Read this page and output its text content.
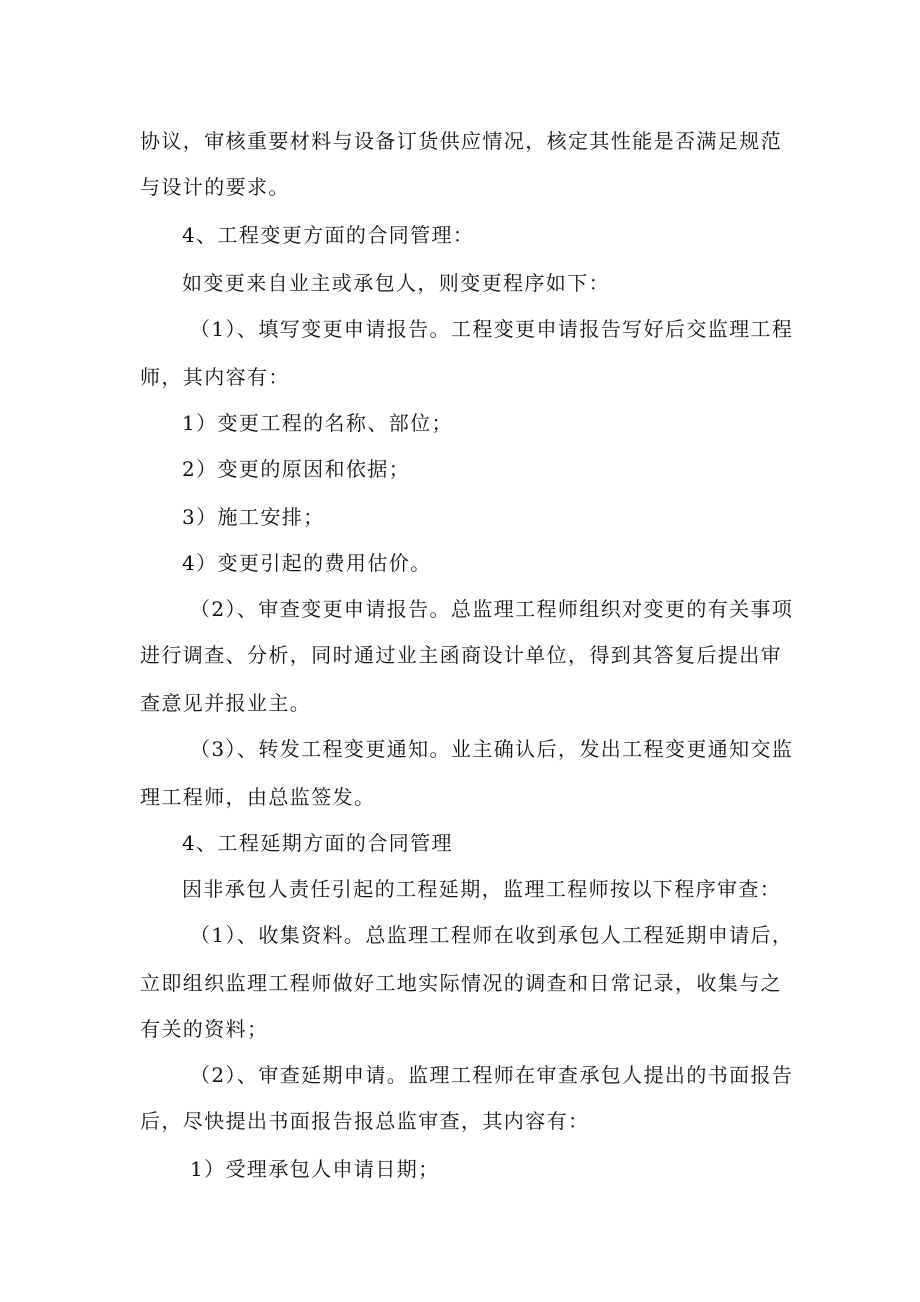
协议，审核重要材料与设备订货供应情况，核定其性能是否满足规范
与设计的要求。
4、工程变更方面的合同管理：
如变更来自业主或承包人，则变更程序如下：
（1）、填写变更申请报告。工程变更申请报告写好后交监理工程
师，其内容有：
1）变更工程的名称、部位；
2）变更的原因和依据；
3）施工安排；
4）变更引起的费用估价。
（2）、审查变更申请报告。总监理工程师组织对变更的有关事项
进行调查、分析，同时通过业主函商设计单位，得到其答复后提出审
查意见并报业主。
（3）、转发工程变更通知。业主确认后，发出工程变更通知交监
理工程师，由总监签发。
4、工程延期方面的合同管理
因非承包人责任引起的工程延期，监理工程师按以下程序审查：
（1）、收集资料。总监理工程师在收到承包人工程延期申请后，
立即组织监理工程师做好工地实际情况的调查和日常记录，收集与之
有关的资料；
（2）、审查延期申请。监理工程师在审查承包人提出的书面报告
后，尽快提出书面报告报总监审查，其内容有：
1）受理承包人申请日期；
